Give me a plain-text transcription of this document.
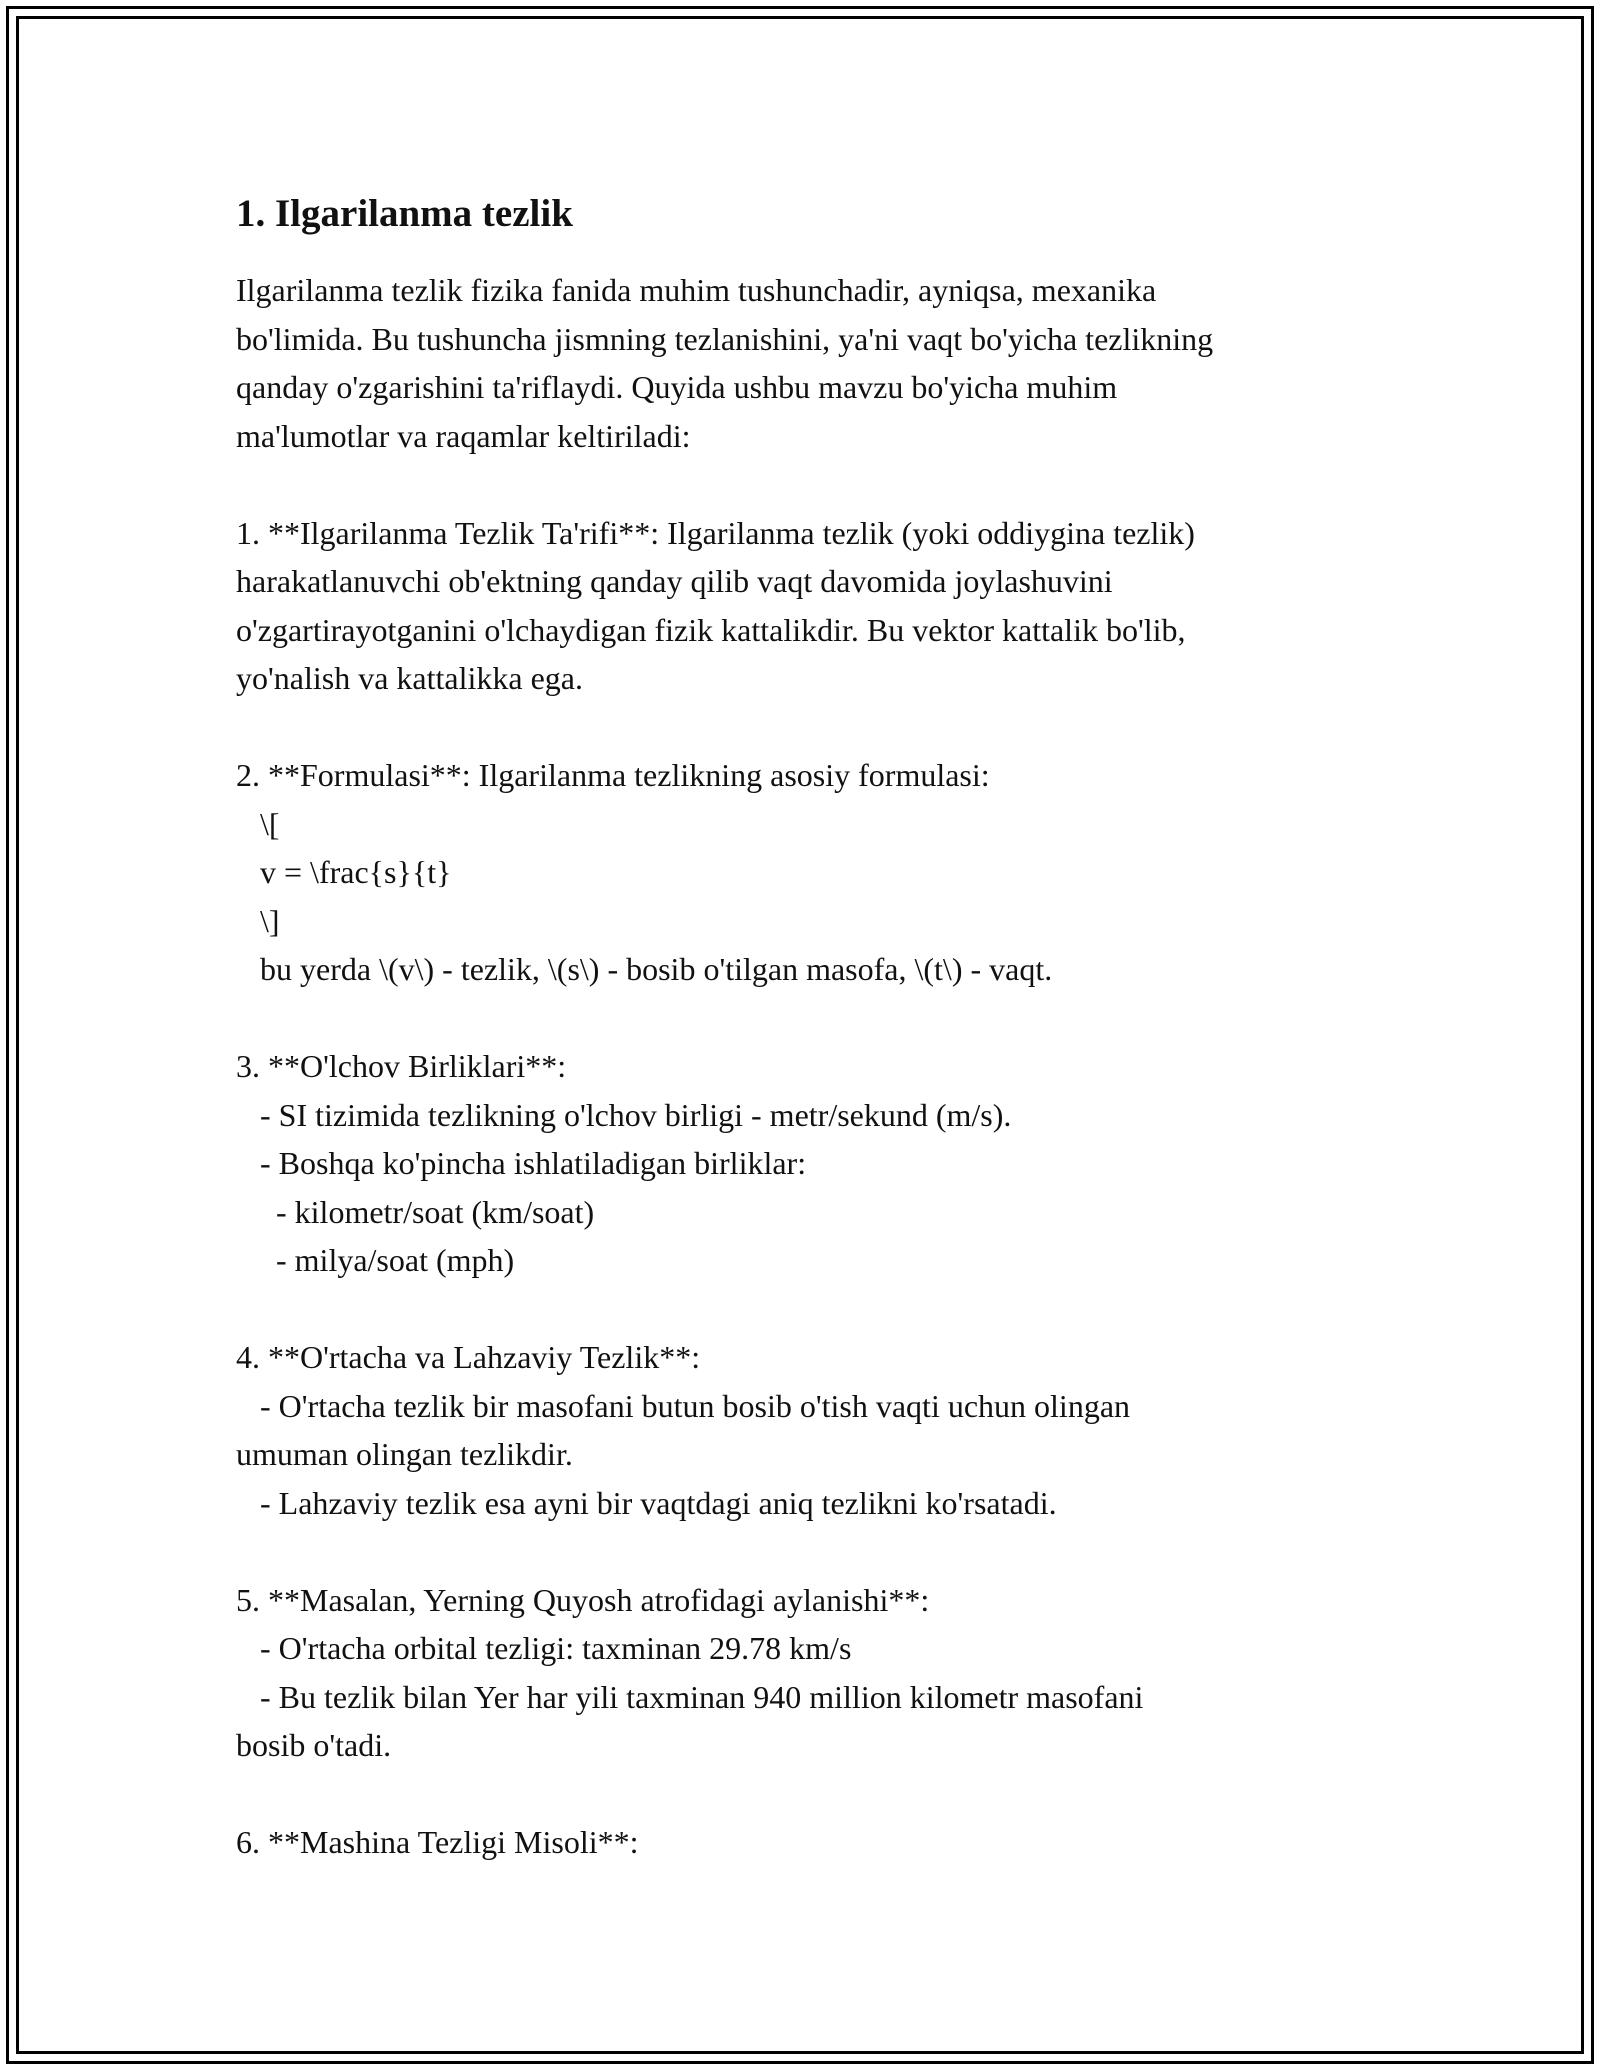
1. Ilgarilanma tezlik

Ilgarilanma tezlik fizika fanida muhim tushunchadir, ayniqsa, mexanika
bo'limida. Bu tushuncha jismning tezlanishini, ya'ni vaqt bo'yicha tezlikning
qanday o'zgarishini ta'riflaydi. Quyida ushbu mavzu bo'yicha muhim
ma'lumotlar va raqamlar keltiriladi:

1. **Ilgarilanma Tezlik Ta'rifi**: Ilgarilanma tezlik (yoki oddiygina tezlik)
harakatlanuvchi ob'ektning qanday qilib vaqt davomida joylashuvini
o'zgartirayotganini o'lchaydigan fizik kattalikdir. Bu vektor kattalik bo'lib,
yo'nalish va kattalikka ega.

2. **Formulasi**: Ilgarilanma tezlikning asosiy formulasi:
\[
v = \frac{s}{t}
\]
bu yerda \(v\) - tezlik, \(s\) - bosib o'tilgan masofa, \(t\) - vaqt.

3. **O'lchov Birliklari**:
- SI tizimida tezlikning o'lchov birligi - metr/sekund (m/s).
- Boshqa ko'pincha ishlatiladigan birliklar:
- kilometr/soat (km/soat)
- milya/soat (mph)

4. **O'rtacha va Lahzaviy Tezlik**:
- O'rtacha tezlik bir masofani butun bosib o'tish vaqti uchun olingan
umuman olingan tezlikdir.
- Lahzaviy tezlik esa ayni bir vaqtdagi aniq tezlikni ko'rsatadi.

5. **Masalan, Yerning Quyosh atrofidagi aylanishi**:
- O'rtacha orbital tezligi: taxminan 29.78 km/s
- Bu tezlik bilan Yer har yili taxminan 940 million kilometr masofani
bosib o'tadi.

6. **Mashina Tezligi Misoli**:
